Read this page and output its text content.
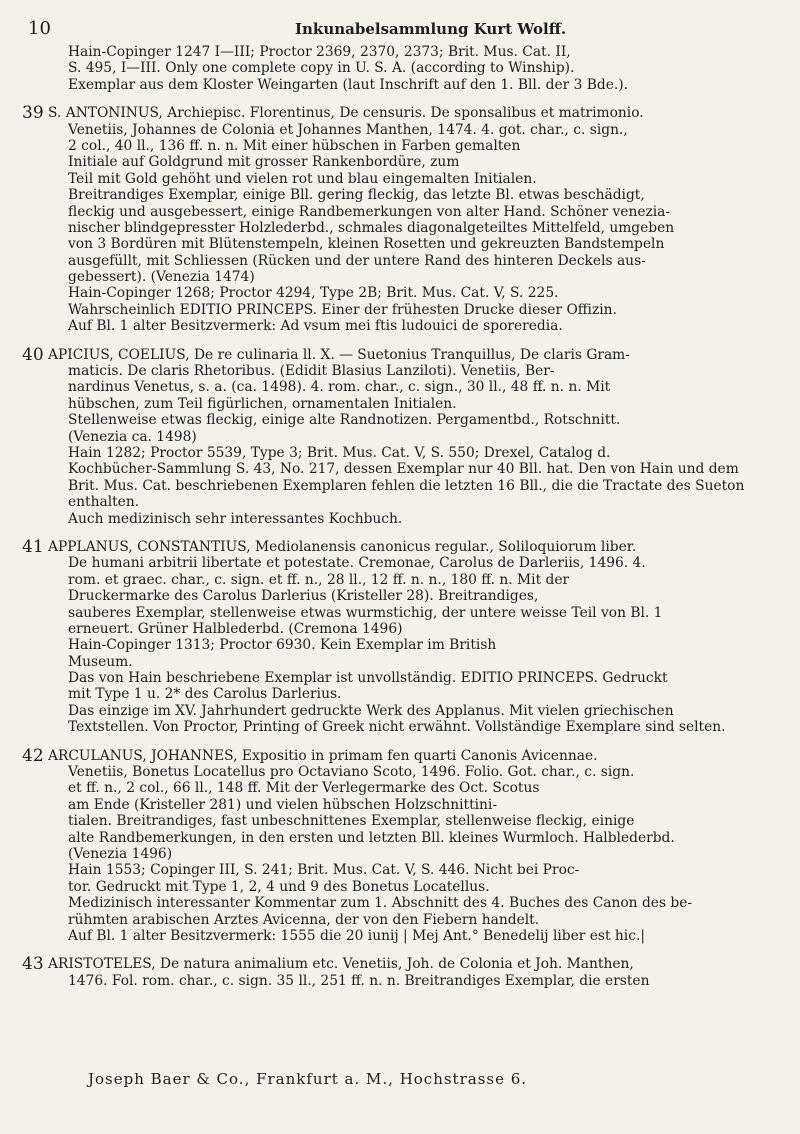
10	Inkunabelsammlung Kurt Wolff.
Hain-Copinger 1247 I—III; Proctor 2369, 2370, 2373; Brit. Mus. Cat. II,
S. 495, I—III. Only one complete copy in U. S. A. (according to Winship).
Exemplar aus dem Kloster Weingarten (laut Inschrift auf den 1. Bll. der 3 Bde.).
39 S. ANTONINUS, Archiepisc. Florentinus, De censuris. De sponsalibus et matrimonio.
Venetiis, Johannes de Colonia et Johannes Manthen, 1474. 4. got. char., c. sign.,
2 col., 40 ll., 136 ff. n. n. Mit einer hübschen in Farben gemalten
Initiale auf Goldgrund mit grosser Rankenbordüre, zum
Teil mit Gold gehöht und vielen rot und blau eingemalten Initialen.
Breitrandiges Exemplar, einige Bll. gering fleckig, das letzte Bl. etwas beschädigt,
fleckig und ausgebessert, einige Randbemerkungen von alter Hand. Schöner venezia-
nischer blindgepresster Holzlederbd., schmales diagonalgeteiltes Mittelfeld, umgeben
von 3 Bordüren mit Blütenstempeln, kleinen Rosetten und gekreuzten Bandstempeln
ausgefüllt, mit Schliessen (Rücken und der untere Rand des hinteren Deckels aus-
gebessert). (Venezia 1474)
Hain-Copinger 1268; Proctor 4294, Type 2B; Brit. Mus. Cat. V, S. 225.
Wahrscheinlich EDITIO PRINCEPS. Einer der frühesten Drucke dieser Offizin.
Auf Bl. 1 alter Besitzvermerk: Ad vsum mei ftis ludouici de sporeredia.
40 APICIUS, COELIUS, De re culinaria ll. X. — Suetonius Tranquillus, De claris Gram-
maticis. De claris Rhetoribus. (Edidit Blasius Lanziloti). Venetiis, Ber-
nardinus Venetus, s. a. (ca. 1498). 4. rom. char., c. sign., 30 ll., 48 ff. n. n. Mit
hübschen, zum Teil figürlichen, ornamentalen Initialen.
Stellenweise etwas fleckig, einige alte Randnotizen. Pergamentbd., Rotschnitt.
(Venezia ca. 1498)
Hain 1282; Proctor 5539, Type 3; Brit. Mus. Cat. V, S. 550; Drexel, Catalog d.
Kochbücher-Sammlung S. 43, No. 217, dessen Exemplar nur 40 Bll. hat. Den von Hain und dem
Brit. Mus. Cat. beschriebenen Exemplaren fehlen die letzten 16 Bll., die die Tractate des Sueton
enthalten.
Auch medizinisch sehr interessantes Kochbuch.
41 APPLANUS, CONSTANTIUS, Mediolanensis canonicus regular., Soliloquiorum liber.
De humani arbitrii libertate et potestate. Cremonae, Carolus de Darleriis, 1496. 4.
rom. et graec. char., c. sign. et ff. n., 28 ll., 12 ff. n. n., 180 ff. n. Mit der
Druckermarke des Carolus Darlerius (Kristeller 28). Breitrandiges,
sauberes Exemplar, stellenweise etwas wurmstichig, der untere weisse Teil von Bl. 1
erneuert. Grüner Halblederbd. (Cremona 1496)
Hain-Copinger 1313; Proctor 6930. Kein Exemplar im British
Museum.
Das von Hain beschriebene Exemplar ist unvollständig. EDITIO PRINCEPS. Gedruckt
mit Type 1 u. 2* des Carolus Darlerius.
Das einzige im XV. Jahrhundert gedruckte Werk des Applanus. Mit vielen griechischen
Textstellen. Von Proctor, Printing of Greek nicht erwähnt. Vollständige Exemplare sind selten.
42 ARCULANUS, JOHANNES, Expositio in primam fen quarti Canonis Avicennae.
Venetiis, Bonetus Locatellus pro Octaviano Scoto, 1496. Folio. Got. char., c. sign.
et ff. n., 2 col., 66 ll., 148 ff. Mit der Verlegermarke des Oct. Scotus
am Ende (Kristeller 281) und vielen hübschen Holzschnittini-
tialen. Breitrandiges, fast unbeschnittenes Exemplar, stellenweise fleckig, einige
alte Randbemerkungen, in den ersten und letzten Bll. kleines Wurmloch. Halblederbd.
(Venezia 1496)
Hain 1553; Copinger III, S. 241; Brit. Mus. Cat. V, S. 446. Nicht bei Proc-
tor. Gedruckt mit Type 1, 2, 4 und 9 des Bonetus Locatellus.
Medizinisch interessanter Kommentar zum 1. Abschnitt des 4. Buches des Canon des be-
rühmten arabischen Arztes Avicenna, der von den Fiebern handelt.
Auf Bl. 1 alter Besitzvermerk: 1555 die 20 iunij | Mej Ant.° Benedelij liber est hic.|
43 ARISTOTELES, De natura animalium etc. Venetiis, Joh. de Colonia et Joh. Manthen,
1476. Fol. rom. char., c. sign. 35 ll., 251 ff. n. n. Breitrandiges Exemplar, die ersten
Joseph Baer & Co., Frankfurt a. M., Hochstrasse 6.
